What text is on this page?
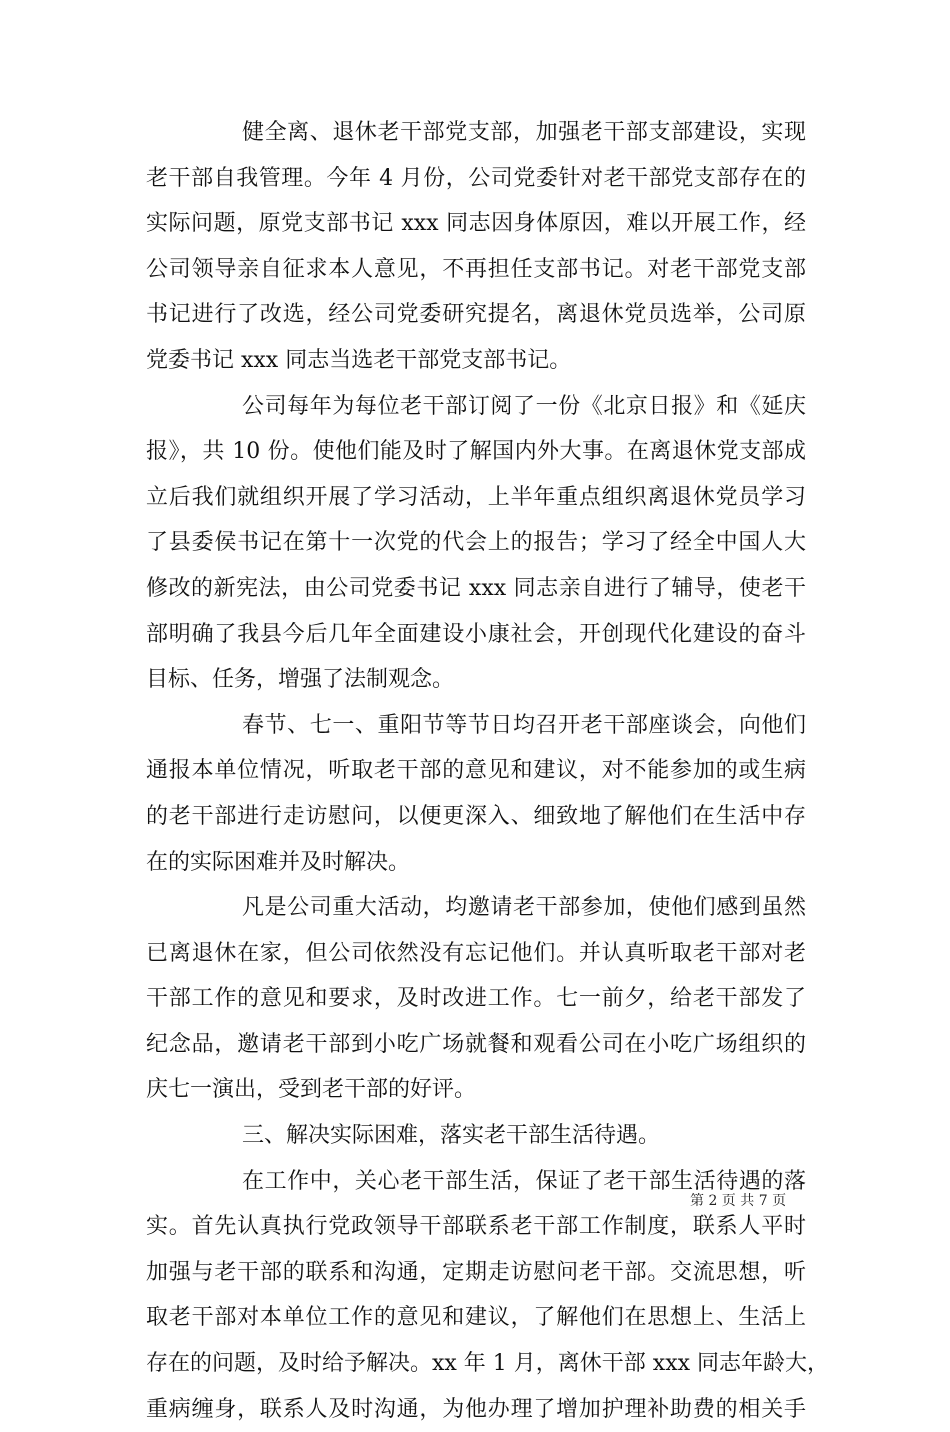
健全离、退休老干部党支部，加强老干部支部建设，实现
老干部自我管理。今年 4 月份，公司党委针对老干部党支部存在的
实际问题，原党支部书记 xxx 同志因身体原因，难以开展工作，经
公司领导亲自征求本人意见，不再担任支部书记。对老干部党支部
书记进行了改选，经公司党委研究提名，离退休党员选举，公司原
党委书记 xxx 同志当选老干部党支部书记。
公司每年为每位老干部订阅了一份《北京日报》和《延庆
报》，共 10 份。使他们能及时了解国内外大事。在离退休党支部成
立后我们就组织开展了学习活动，上半年重点组织离退休党员学习
了县委侯书记在第十一次党的代会上的报告；学习了经全中国人大
修改的新宪法，由公司党委书记 xxx 同志亲自进行了辅导，使老干
部明确了我县今后几年全面建设小康社会，开创现代化建设的奋斗
目标、任务，增强了法制观念。
春节、七一、重阳节等节日均召开老干部座谈会，向他们
通报本单位情况，听取老干部的意见和建议，对不能参加的或生病
的老干部进行走访慰问，以便更深入、细致地了解他们在生活中存
在的实际困难并及时解决。
凡是公司重大活动，均邀请老干部参加，使他们感到虽然
已离退休在家，但公司依然没有忘记他们。并认真听取老干部对老
干部工作的意见和要求，及时改进工作。七一前夕，给老干部发了
纪念品，邀请老干部到小吃广场就餐和观看公司在小吃广场组织的
庆七一演出，受到老干部的好评。
三、解决实际困难，落实老干部生活待遇。
在工作中，关心老干部生活，保证了老干部生活待遇的落
实。首先认真执行党政领导干部联系老干部工作制度，联系人平时
加强与老干部的联系和沟通，定期走访慰问老干部。交流思想，听
取老干部对本单位工作的意见和建议，了解他们在思想上、生活上
存在的问题，及时给予解决。xx 年 1 月，离休干部 xxx 同志年龄大，
重病缠身，联系人及时沟通，为他办理了增加护理补助费的相关手
第 2 页 共 7 页
